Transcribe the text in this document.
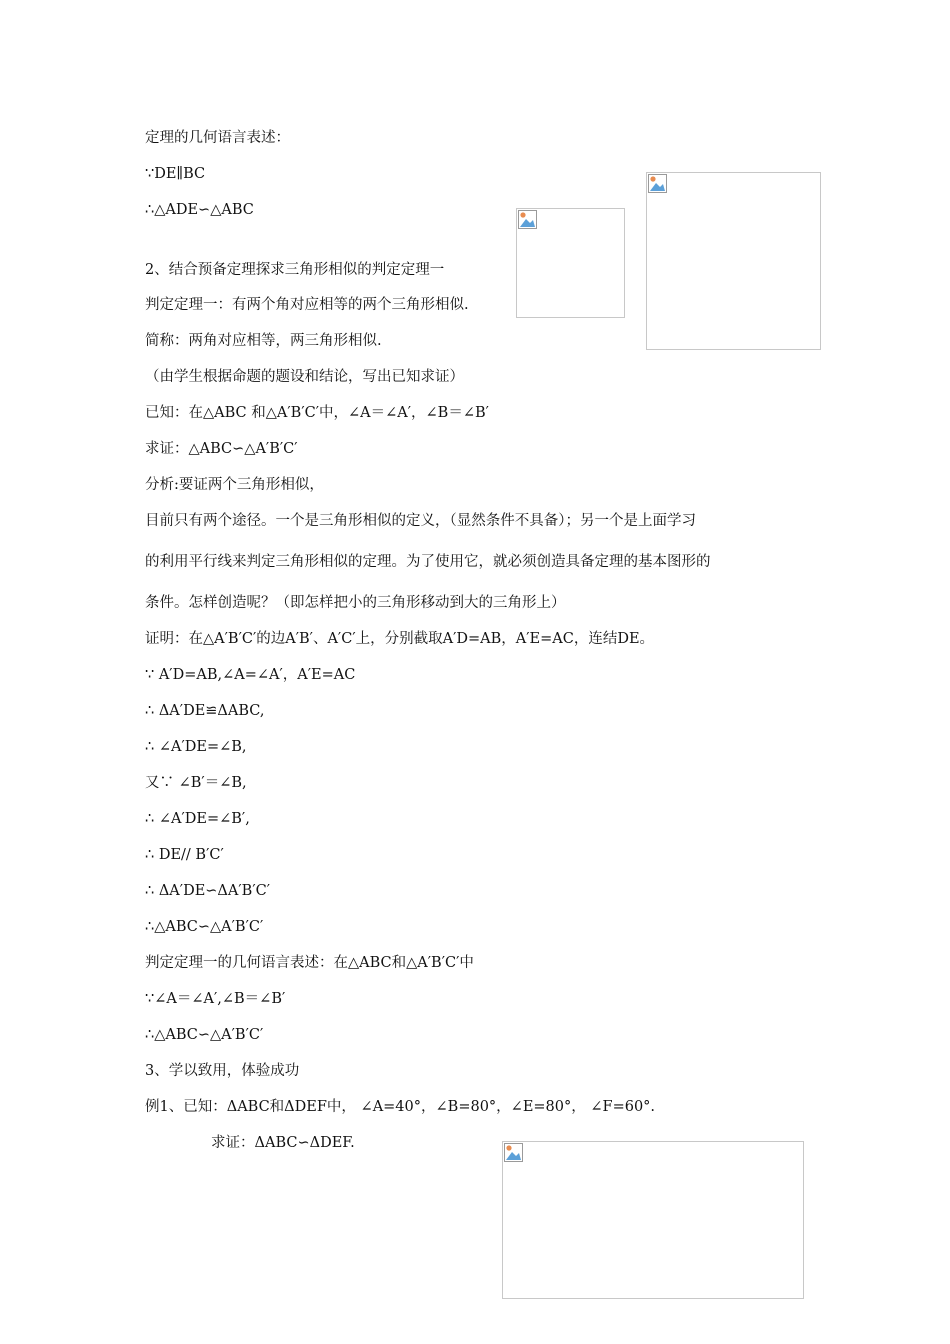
定理的几何语言表述：
∵DE∥BC
∴△ADE∽△ABC
2、结合预备定理探求三角形相似的判定定理一
判定定理一：有两个角对应相等的两个三角形相似.
简称：两角对应相等，两三角形相似.
（由学生根据命题的题设和结论，写出已知求证）
已知：在△ABC 和△A′B′C′中，∠A＝∠A′，∠B＝∠B′
求证：△ABC∽△A′B′C′
分析:要证两个三角形相似，
目前只有两个途径。一个是三角形相似的定义，（显然条件不具备）；另一个是上面学习
的利用平行线来判定三角形相似的定理。为了使用它，就必须创造具备定理的基本图形的
条件。怎样创造呢？（即怎样把小的三角形移动到大的三角形上）
证明：在△A′B′C′的边A′B′、A′C′上，分别截取A′D=AB，A′E=AC，连结DE。
∵ A′D=AB,∠A=∠A′，A′E=AC
∴ ΔA′DE≌ΔABC,
∴ ∠A′DE=∠B,
又∵ ∠B′＝∠B,
∴ ∠A′DE=∠B′,
∴ DE// B′C′
∴ ΔA′DE∽ΔA′B′C′
∴△ABC∽△A′B′C′
判定定理一的几何语言表述：在△ABC和△A′B′C′中
∵∠A＝∠A′,∠B＝∠B′
∴△ABC∽△A′B′C′
3、学以致用，体验成功
例1、已知：ΔABC和ΔDEF中， ∠A=40°，∠B=80°，∠E=80°， ∠F=60°.
求证：ΔABC∽ΔDEF.
